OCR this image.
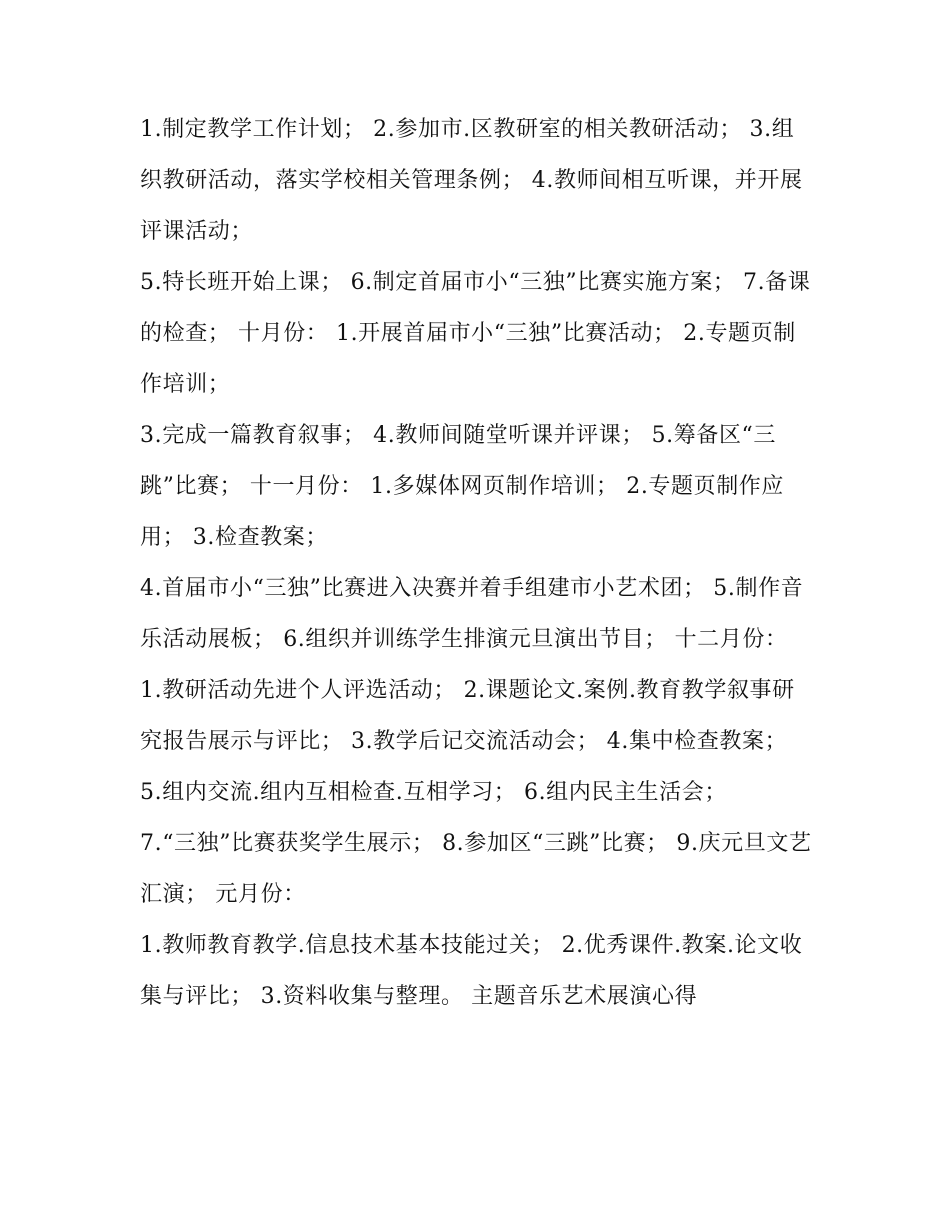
1.制定教学工作计划； 2.参加市.区教研室的相关教研活动； 3.组织教研活动，落实学校相关管理条例； 4.教师间相互听课，并开展评课活动；

5.特长班开始上课； 6.制定首届市小“三独”比赛实施方案； 7.备课的检查； 十月份： 1.开展首届市小“三独”比赛活动； 2.专题页制作培训；

3.完成一篇教育叙事； 4.教师间随堂听课并评课； 5.筹备区“三跳”比赛； 十一月份： 1.多媒体网页制作培训； 2.专题页制作应用； 3.检查教案；

4.首届市小“三独”比赛进入决赛并着手组建市小艺术团； 5.制作音乐活动展板； 6.组织并训练学生排演元旦演出节目； 十二月份：

1.教研活动先进个人评选活动； 2.课题论文.案例.教育教学叙事研究报告展示与评比； 3.教学后记交流活动会； 4.集中检查教案；

5.组内交流.组内互相检查.互相学习； 6.组内民主生活会；

7.“三独”比赛获奖学生展示； 8.参加区“三跳”比赛； 9.庆元旦文艺汇演； 元月份：

1.教师教育教学.信息技术基本技能过关； 2.优秀课件.教案.论文收集与评比； 3.资料收集与整理。 主题音乐艺术展演心得
